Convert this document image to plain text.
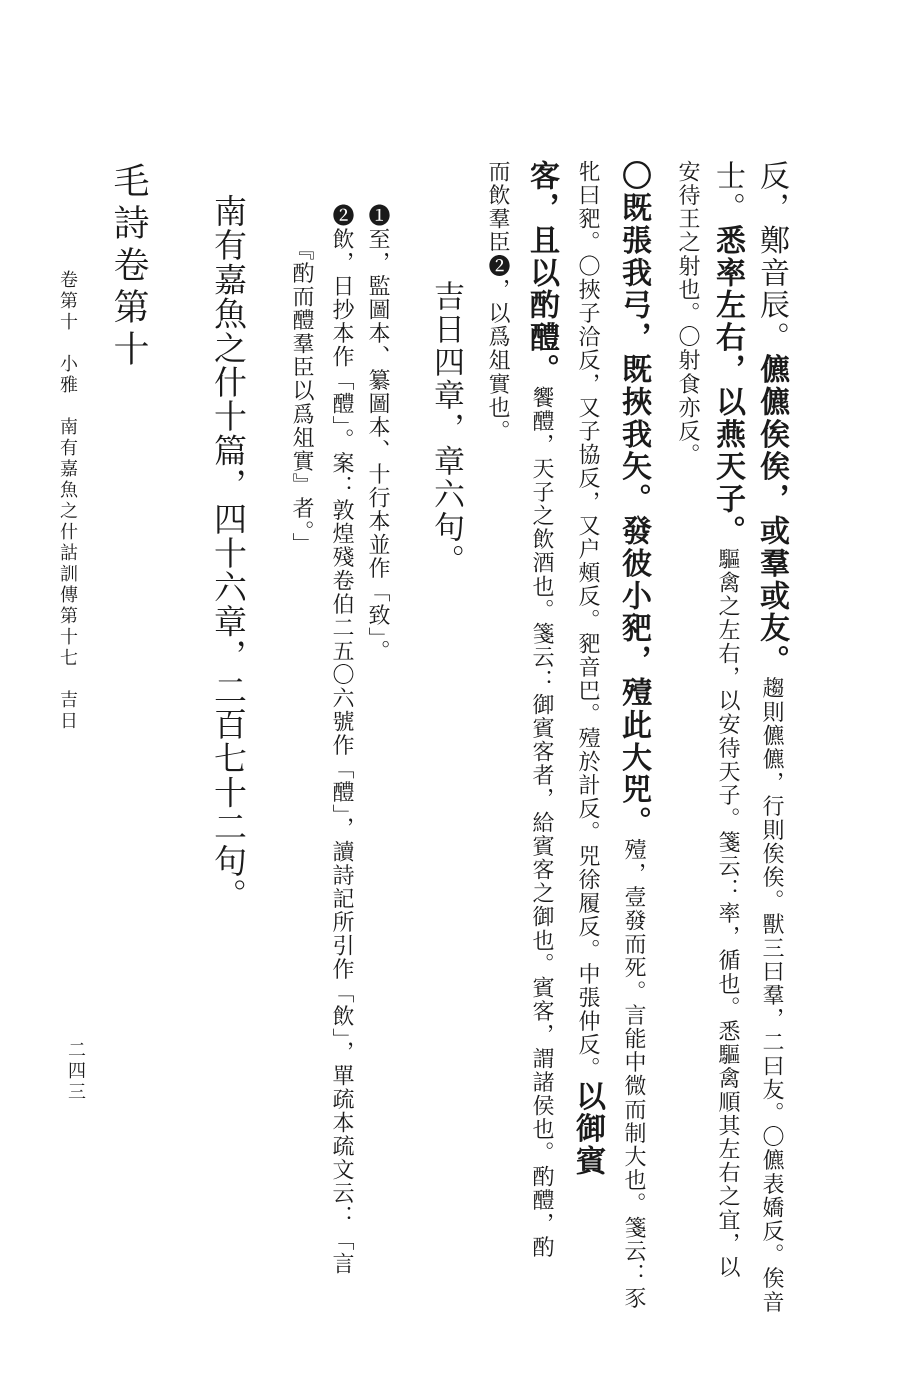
反，鄭音辰。儦儦俟俟，或羣或友。趨則儦儦，行則俟俟。獸三曰羣，二曰友。〇儦表嬌反。俟音
士。悉率左右，以燕天子。驅禽之左右，以安待天子。箋云：率，循也。悉驅禽順其左右之宜，以
安待王之射也。〇射食亦反。
〇既張我弓，既挾我矢。發彼小豝，殪此大兕。殪，壹發而死。言能中微而制大也。箋云：豕
牝曰豝。〇挾子洽反，又子協反，又户頰反。豝音巴。殪於計反。兕徐履反。中張仲反。以御賓
客，且以酌醴。饗醴，天子之飲酒也。箋云：御賓客者，給賓客之御也。賓客，謂諸侯也。酌醴，酌
而飲羣臣❷，以爲俎實也。
吉日四章，章六句。
❶至，監圖本、纂圖本、十行本並作「致」。
❷飲，日抄本作「醴」。案：敦煌殘卷伯二五〇六號作「醴」，讀詩記所引作「飲」，單疏本疏文云：「言
『酌而醴羣臣以爲俎實』者。」
南有嘉魚之什十篇，四十六章，二百七十二句。
毛詩卷第十
卷第十　小雅　南有嘉魚之什詁訓傳第十七　吉日
二四三
